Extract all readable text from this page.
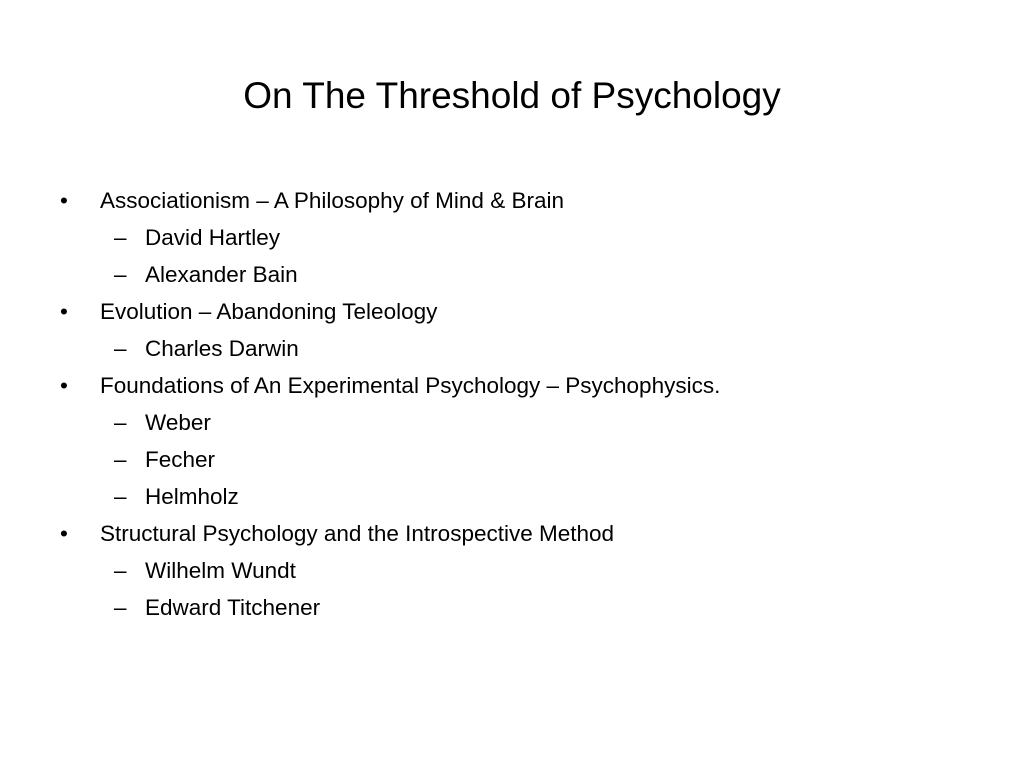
On The Threshold of Psychology
• Associationism – A Philosophy of Mind & Brain
– David Hartley
– Alexander Bain
• Evolution – Abandoning Teleology
– Charles Darwin
• Foundations of An Experimental Psychology – Psychophysics.
– Weber
– Fecher
– Helmholz
• Structural Psychology and the Introspective Method
– Wilhelm Wundt
– Edward Titchener
